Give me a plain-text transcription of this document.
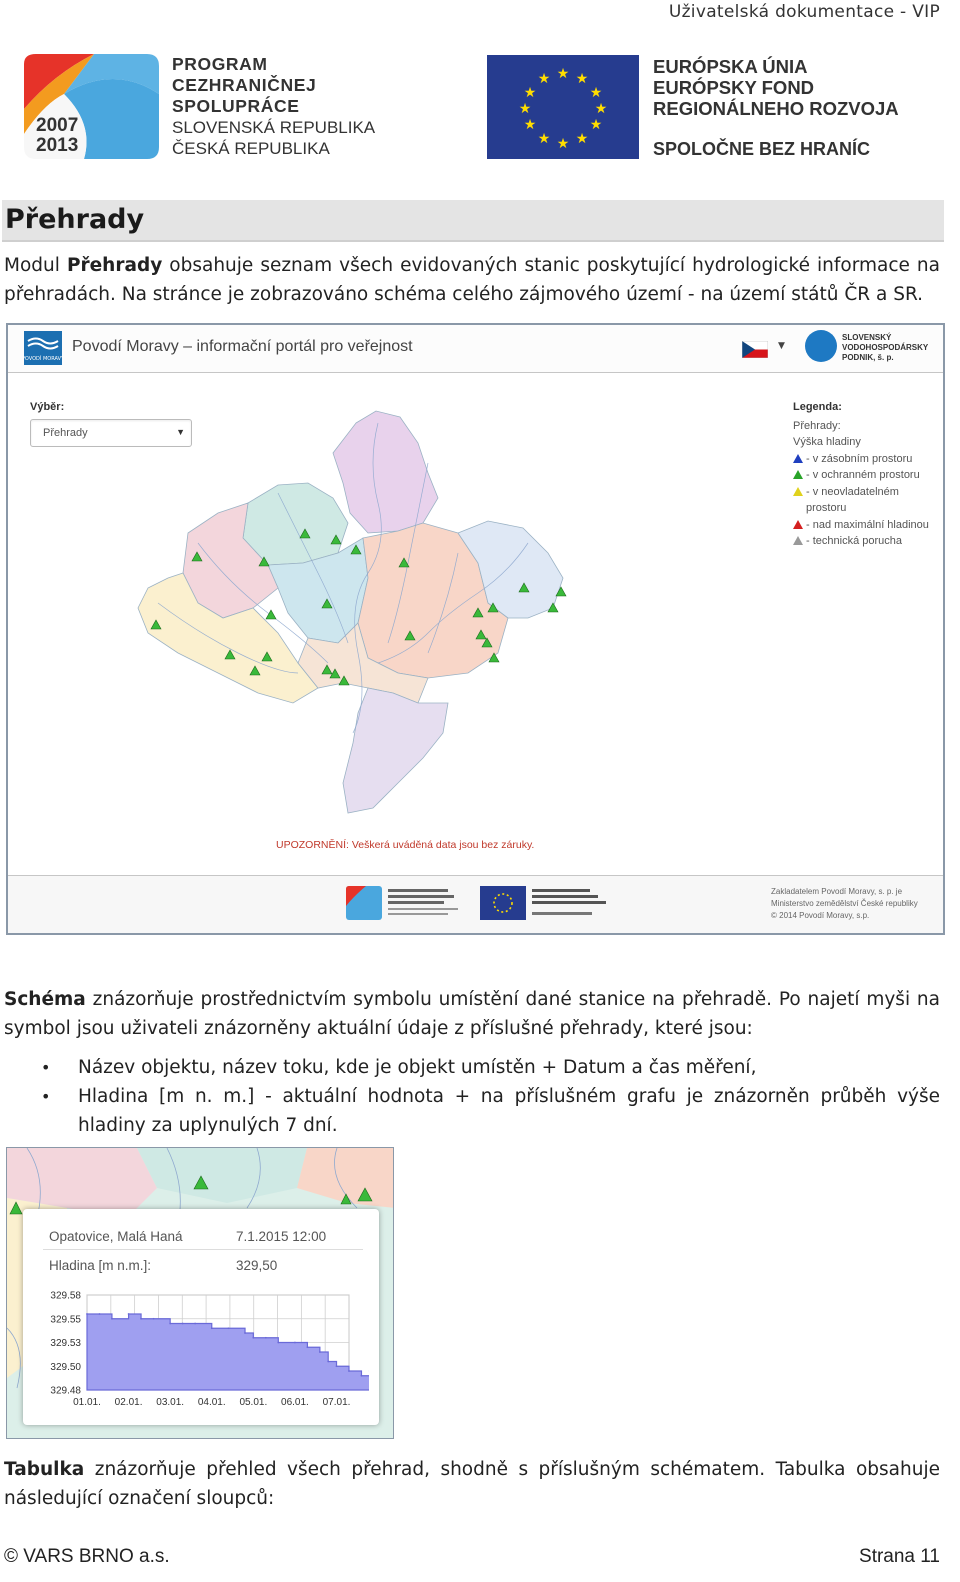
Uživatelská dokumentace - VIP
2007
2013
PROGRAM
CEZHRANIČNEJ
SPOLUPRÁCE
SLOVENSKÁ REPUBLIKA
ČESKÁ REPUBLIKA
★ ★
★
★
★
★
★
★
★
★
★
★
EURÓPSKA ÚNIA
EURÓPSKY FOND
REGIONÁLNEHO ROZVOJA
SPOLOČNE BEZ HRANÍC
Přehrady
Modul Přehrady obsahuje seznam všech evidovaných stanic poskytující hydrologické informace na přehradách. Na stránce je zobrazováno schéma celého zájmového území - na území států ČR a SR.
POVODÍ MORAVY
Povodí Moravy – informační portál pro veřejnost	▼
SLOVENSKÝ
VODOHOSPODÁRSKY
PODNIK, š. p.
Výběr:
Přehrady	▼
Legenda:
Přehrady:
Výška hladiny
- v zásobním prostoru
- v ochranném prostoru
- v neovladatelném prostoru
- nad maximální hladinou
- technická porucha
UPOZORNĚNÍ: Veškerá uváděná data jsou bez záruky.
Zakladatelem Povodí Moravy, s. p. je
Ministerstvo zemědělství České republiky
© 2014 Povodí Moravy, s.p.
Schéma znázorňuje prostřednictvím symbolu umístění dané stanice na přehradě. Po najetí myši na symbol jsou uživateli znázorněny aktuální údaje z příslušné přehrady, které jsou:
• Název objektu, název toku, kde je objekt umístěn + Datum a čas měření,
• Hladina [m n. m.] - aktuální hodnota + na příslušném grafu je znázorněn průběh výše hladiny za uplynulých 7 dní.
Opatovice, Malá Haná	7.1.2015 12:00
Hladina [m n.m.]:	329,50
329.58
329.55
329.53
329.50
329.48
01.01. 02.01. 03.01. 04.01. 05.01. 06.01. 07.01.
Tabulka znázorňuje přehled všech přehrad, shodně s příslušným schématem. Tabulka obsahuje následující označení sloupců:
© VARS BRNO a.s.	Strana 11
